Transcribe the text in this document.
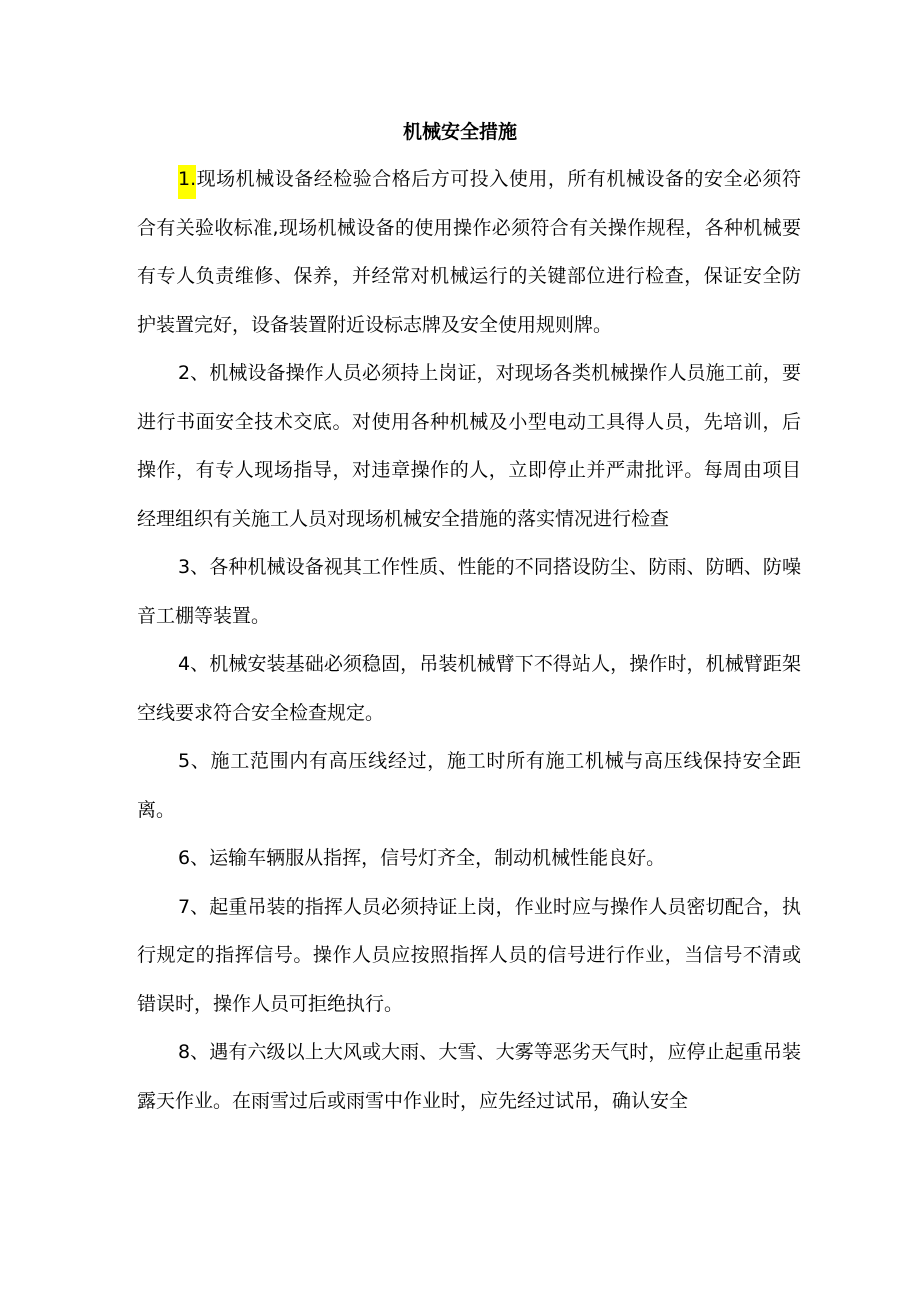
机械安全措施

1.现场机械设备经检验合格后方可投入使用，所有机械设备的安全必须符合有关验收标准,现场机械设备的使用操作必须符合有关操作规程，各种机械要有专人负责维修、保养，并经常对机械运行的关键部位进行检查，保证安全防护装置完好，设备装置附近设标志牌及安全使用规则牌。

2、机械设备操作人员必须持上岗证，对现场各类机械操作人员施工前，要进行书面安全技术交底。对使用各种机械及小型电动工具得人员，先培训，后操作，有专人现场指导，对违章操作的人，立即停止并严肃批评。每周由项目经理组织有关施工人员对现场机械安全措施的落实情况进行检查

3、各种机械设备视其工作性质、性能的不同搭设防尘、防雨、防晒、防噪音工棚等装置。

4、机械安装基础必须稳固，吊装机械臂下不得站人，操作时，机械臂距架空线要求符合安全检查规定。

5、施工范围内有高压线经过，施工时所有施工机械与高压线保持安全距离。

6、运输车辆服从指挥，信号灯齐全，制动机械性能良好。

7、起重吊装的指挥人员必须持证上岗，作业时应与操作人员密切配合，执行规定的指挥信号。操作人员应按照指挥人员的信号进行作业，当信号不清或错误时，操作人员可拒绝执行。

8、遇有六级以上大风或大雨、大雪、大雾等恶劣天气时，应停止起重吊装露天作业。在雨雪过后或雨雪中作业时，应先经过试吊，确认安全
